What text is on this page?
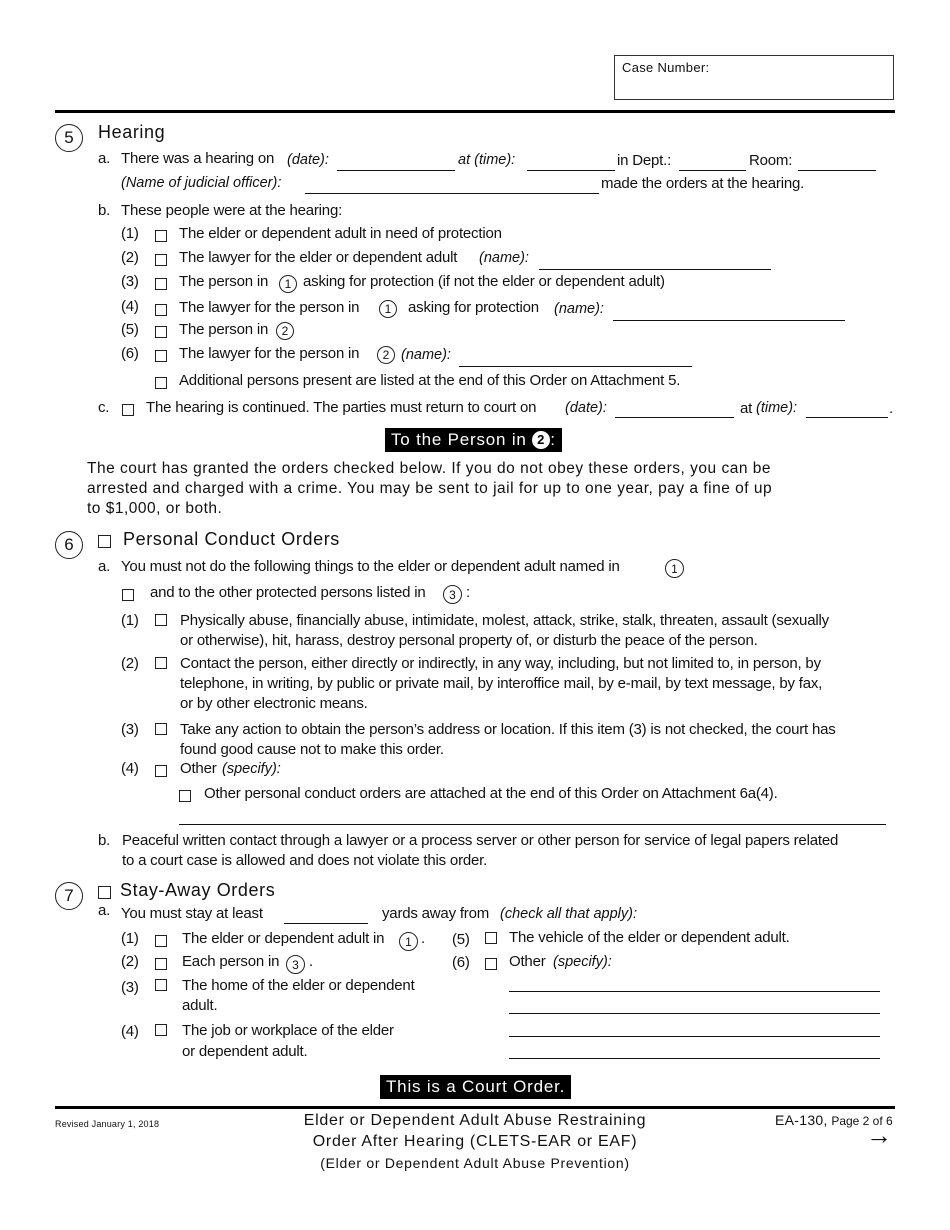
Case Number:
5 Hearing
a. There was a hearing on (date):	at (time):	in Dept.:	Room:
(Name of judicial officer):	made the orders at the hearing.
b. These people were at the hearing:
(1)	The elder or dependent adult in need of protection
(2)	The lawyer for the elder or dependent adult (name):
(3)	The person in 1 asking for protection (if not the elder or dependent adult)
(4)	The lawyer for the person in 1 asking for protection (name):
(5)	The person in 2
(6)	The lawyer for the person in 2 (name):
Additional persons present are listed at the end of this Order on Attachment 5.
c. The hearing is continued. The parties must return to court on (date):	at (time):	.
To the Person in 2 :
The court has granted the orders checked below. If you do not obey these orders, you can be
arrested and charged with a crime. You may be sent to jail for up to one year, pay a fine of up
to $1,000, or both.
6	Personal Conduct Orders
a. You must not do the following things to the elder or dependent adult named in	1
and to the other protected persons listed in 3 :
(1)	Physically abuse, financially abuse, intimidate, molest, attack, strike, stalk, threaten, assault (sexually
or otherwise), hit, harass, destroy personal property of, or disturb the peace of the person.
(2)	Contact the person, either directly or indirectly, in any way, including, but not limited to, in person, by
telephone, in writing, by public or private mail, by interoffice mail, by e-mail, by text message, by fax,
or by other electronic means.
(3)	Take any action to obtain the person’s address or location. If this item (3) is not checked, the court has
found good cause not to make this order.
(4)	Other (specify):
Other personal conduct orders are attached at the end of this Order on Attachment 6a(4).
b. Peaceful written contact through a lawyer or a process server or other person for service of legal papers related
to a court case is allowed and does not violate this order.
7	Stay-Away Orders
a. You must stay at least	yards away from (check all that apply):
(1)	The elder or dependent adult in 1 .
(2)	Each person in 3 .
(3)	The home of the elder or dependent
adult.
(4)	The job or workplace of the elder
or dependent adult.
(5)	The vehicle of the elder or dependent adult.
(6)	Other (specify):
This is a Court Order.
Revised January 1, 2018	Elder or Dependent Adult Abuse Restraining
Order After Hearing (CLETS-EAR or EAF)
(Elder or Dependent Adult Abuse Prevention)
EA-130, Page 2 of 6
→
